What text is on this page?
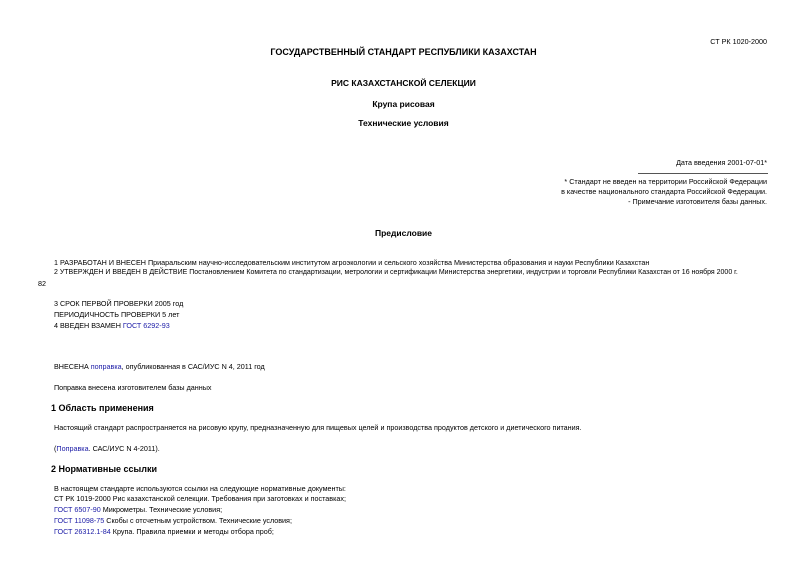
СТ РК 1020-2000
ГОСУДАРСТВЕННЫЙ СТАНДАРТ РЕСПУБЛИКИ КАЗАХСТАН
РИС КАЗАХСТАНСКОЙ СЕЛЕКЦИИ
Крупа рисовая
Технические условия
Дата введения 2001-07-01*
* Стандарт не введен на территории Российской Федерации
в качестве национального стандарта Российской Федерации.
- Примечание изготовителя базы данных.
Предисловие
1 РАЗРАБОТАН И ВНЕСЕН Приаральским научно-исследовательским институтом агроэкологии и сельского хозяйства Министерства образования и науки Республики Казахстан
2 УТВЕРЖДЕН И ВВЕДЕН В ДЕЙСТВИЕ Постановлением Комитета по стандартизации, метрологии и сертификации Министерства энергетики, индустрии и торговли Республики Казахстан от 16 ноября 2000 г.
82
3 СРОК ПЕРВОЙ ПРОВЕРКИ 2005 год
ПЕРИОДИЧНОСТЬ ПРОВЕРКИ 5 лет
4 ВВЕДЕН ВЗАМЕН ГОСТ 6292-93
ВНЕСЕНА поправка, опубликованная в САС/ИУС N 4, 2011 год
Поправка внесена изготовителем базы данных
1 Область применения
Настоящий стандарт распространяется на рисовую крупу, предназначенную для пищевых целей и производства продуктов детского и диетического питания.
(Поправка. САС/ИУС N 4-2011).
2 Нормативные ссылки
В настоящем стандарте используются ссылки на следующие нормативные документы:
СТ РК 1019-2000 Рис казахстанской селекции. Требования при заготовках и поставках;
ГОСТ 6507-90 Микрометры. Технические условия;
ГОСТ 11098-75 Скобы с отсчетным устройством. Технические условия;
ГОСТ 26312.1-84 Крупа. Правила приемки и методы отбора проб;
